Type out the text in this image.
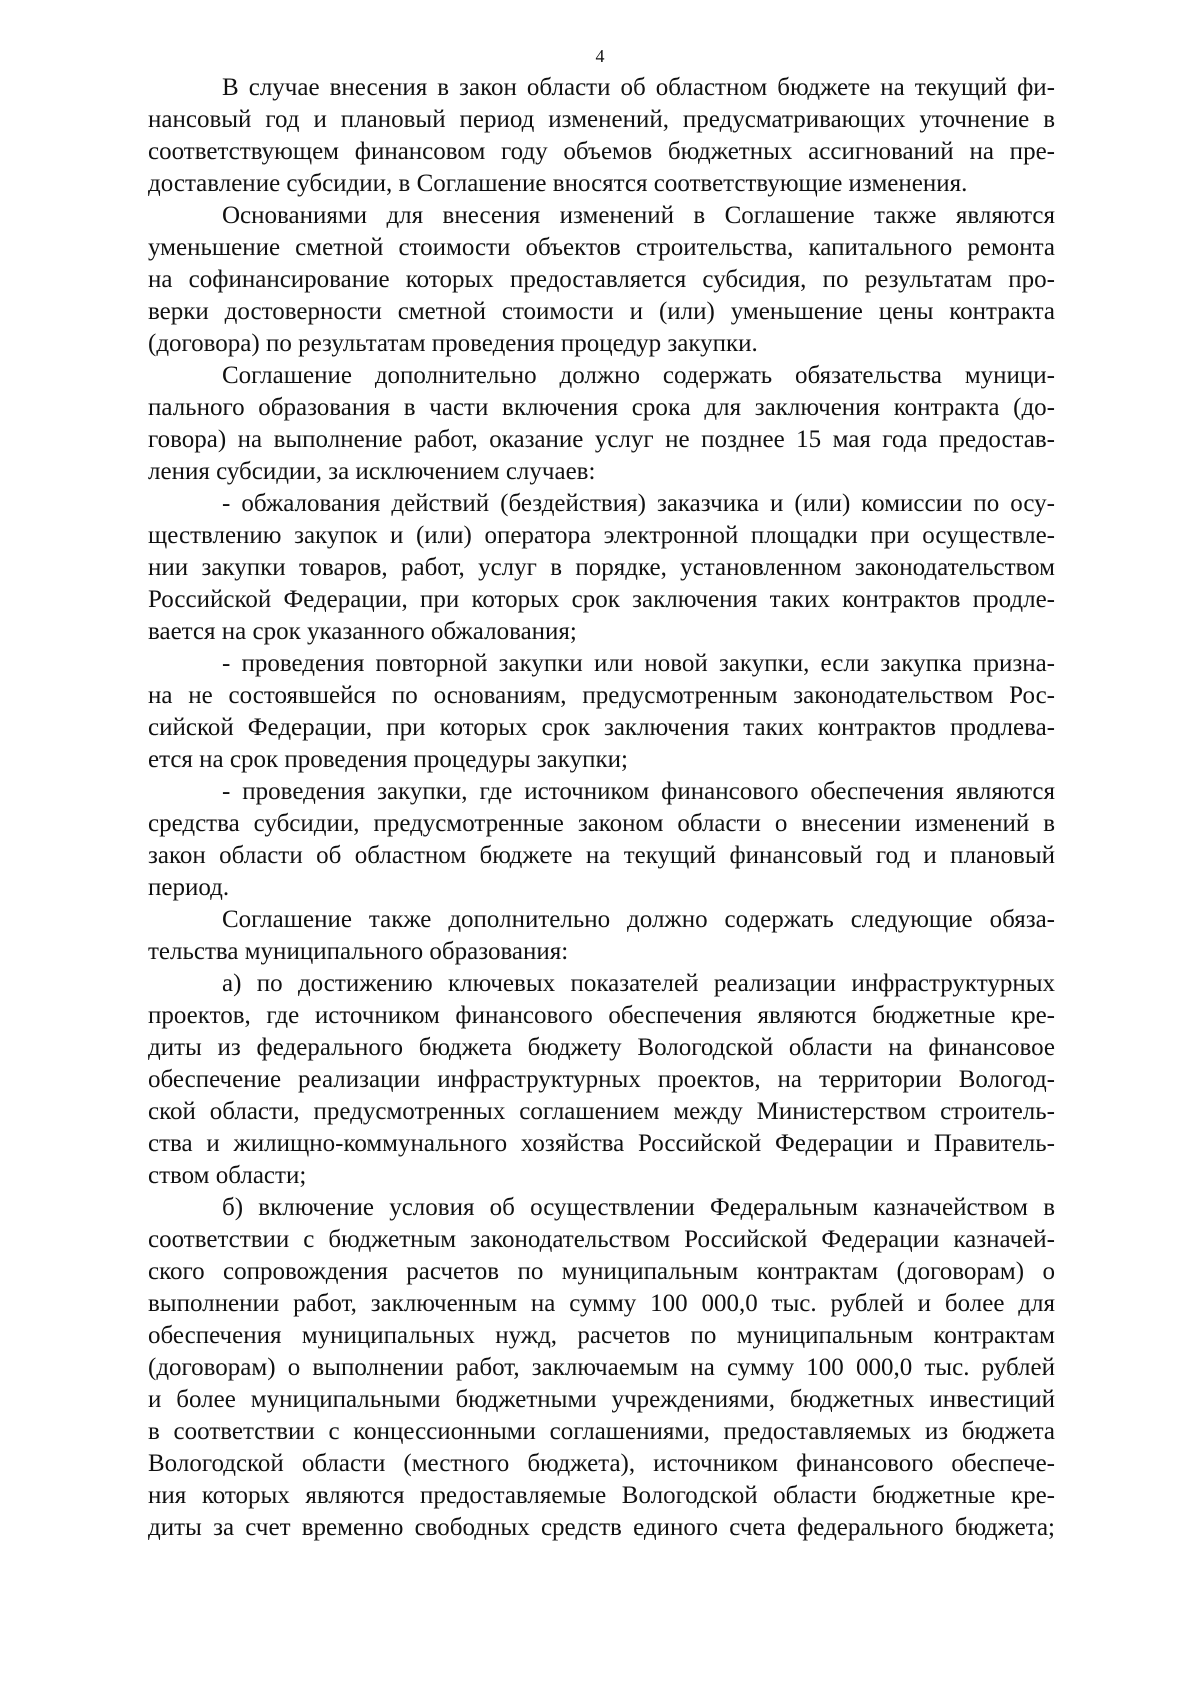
4
В случае внесения в закон области об областном бюджете на текущий фи-
нансовый год и плановый период изменений, предусматривающих уточнение в
соответствующем финансовом году объемов бюджетных ассигнований на пре-
доставление субсидии, в Соглашение вносятся соответствующие изменения.
Основаниями для внесения изменений в Соглашение также являются
уменьшение сметной стоимости объектов строительства, капитального ремонта
на софинансирование которых предоставляется субсидия, по результатам про-
верки достоверности сметной стоимости и (или) уменьшение цены контракта
(договора) по результатам проведения процедур закупки.
Соглашение дополнительно должно содержать обязательства муници-
пального образования в части включения срока для заключения контракта (до-
говора) на выполнение работ, оказание услуг не позднее 15 мая года предостав-
ления субсидии, за исключением случаев:
- обжалования действий (бездействия) заказчика и (или) комиссии по осу-
ществлению закупок и (или) оператора электронной площадки при осуществле-
нии закупки товаров, работ, услуг в порядке, установленном законодательством
Российской Федерации, при которых срок заключения таких контрактов продле-
вается на срок указанного обжалования;
- проведения повторной закупки или новой закупки, если закупка призна-
на не состоявшейся по основаниям, предусмотренным законодательством Рос-
сийской Федерации, при которых срок заключения таких контрактов продлева-
ется на срок проведения процедуры закупки;
- проведения закупки, где источником финансового обеспечения являются
средства субсидии, предусмотренные законом области о внесении изменений в
закон области об областном бюджете на текущий финансовый год и плановый
период.
Соглашение также дополнительно должно содержать следующие обяза-
тельства муниципального образования:
а) по достижению ключевых показателей реализации инфраструктурных
проектов, где источником финансового обеспечения являются бюджетные кре-
диты из федерального бюджета бюджету Вологодской области на финансовое
обеспечение реализации инфраструктурных проектов, на территории Вологод-
ской области, предусмотренных соглашением между Министерством строитель-
ства и жилищно-коммунального хозяйства Российской Федерации и Правитель-
ством области;
б) включение условия об осуществлении Федеральным казначейством в
соответствии с бюджетным законодательством Российской Федерации казначей-
ского сопровождения расчетов по муниципальным контрактам (договорам) о
выполнении работ, заключенным на сумму 100 000,0 тыс. рублей и более для
обеспечения муниципальных нужд, расчетов по муниципальным контрактам
(договорам) о выполнении работ, заключаемым на сумму 100 000,0 тыс. рублей
и более муниципальными бюджетными учреждениями, бюджетных инвестиций
в соответствии с концессионными соглашениями, предоставляемых из бюджета
Вологодской области (местного бюджета), источником финансового обеспече-
ния которых являются предоставляемые Вологодской области бюджетные кре-
диты за счет временно свободных средств единого счета федерального бюджета;
